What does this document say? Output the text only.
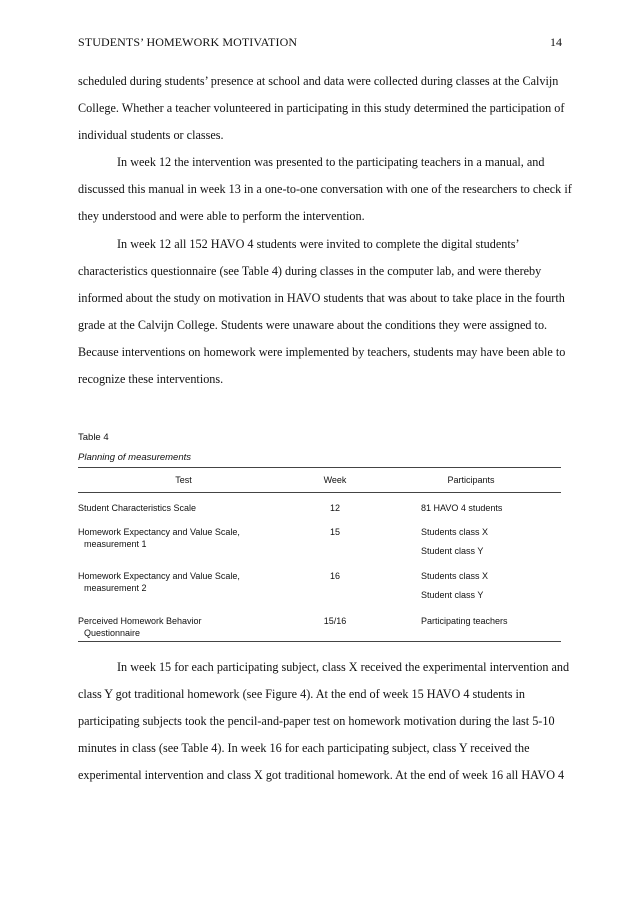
STUDENTS’ HOMEWORK MOTIVATION	14
scheduled during students’ presence at school and data were collected during classes at the Calvijn
College. Whether a teacher volunteered in participating in this study determined the participation of
individual students or classes.
In week 12 the intervention was presented to the participating teachers in a manual, and
discussed this manual in week 13 in a one-to-one conversation with one of the researchers to check if
they understood and were able to perform the intervention.
In week 12 all 152 HAVO 4 students were invited to complete the digital students’
characteristics questionnaire (see Table 4) during classes in the computer lab, and were thereby
informed about the study on motivation in HAVO students that was about to take place in the fourth
grade at the Calvijn College. Students were unaware about the conditions they were assigned to.
Because interventions on homework were implemented by teachers, students may have been able to
recognize these interventions.
Table 4
Planning of measurements
Test	Week	Participants
Student Characteristics Scale	12	81 HAVO 4 students
Homework Expectancy and Value Scale,
measurement 1
15	Students class X
Student class Y
Homework Expectancy and Value Scale,
measurement 2
16	Students class X
Student class Y
Perceived Homework Behavior
Questionnaire
15/16	Participating teachers
In week 15 for each participating subject, class X received the experimental intervention and
class Y got traditional homework (see Figure 4). At the end of week 15 HAVO 4 students in
participating subjects took the pencil-and-paper test on homework motivation during the last 5-10
minutes in class (see Table 4). In week 16 for each participating subject, class Y received the
experimental intervention and class X got traditional homework. At the end of week 16 all HAVO 4
